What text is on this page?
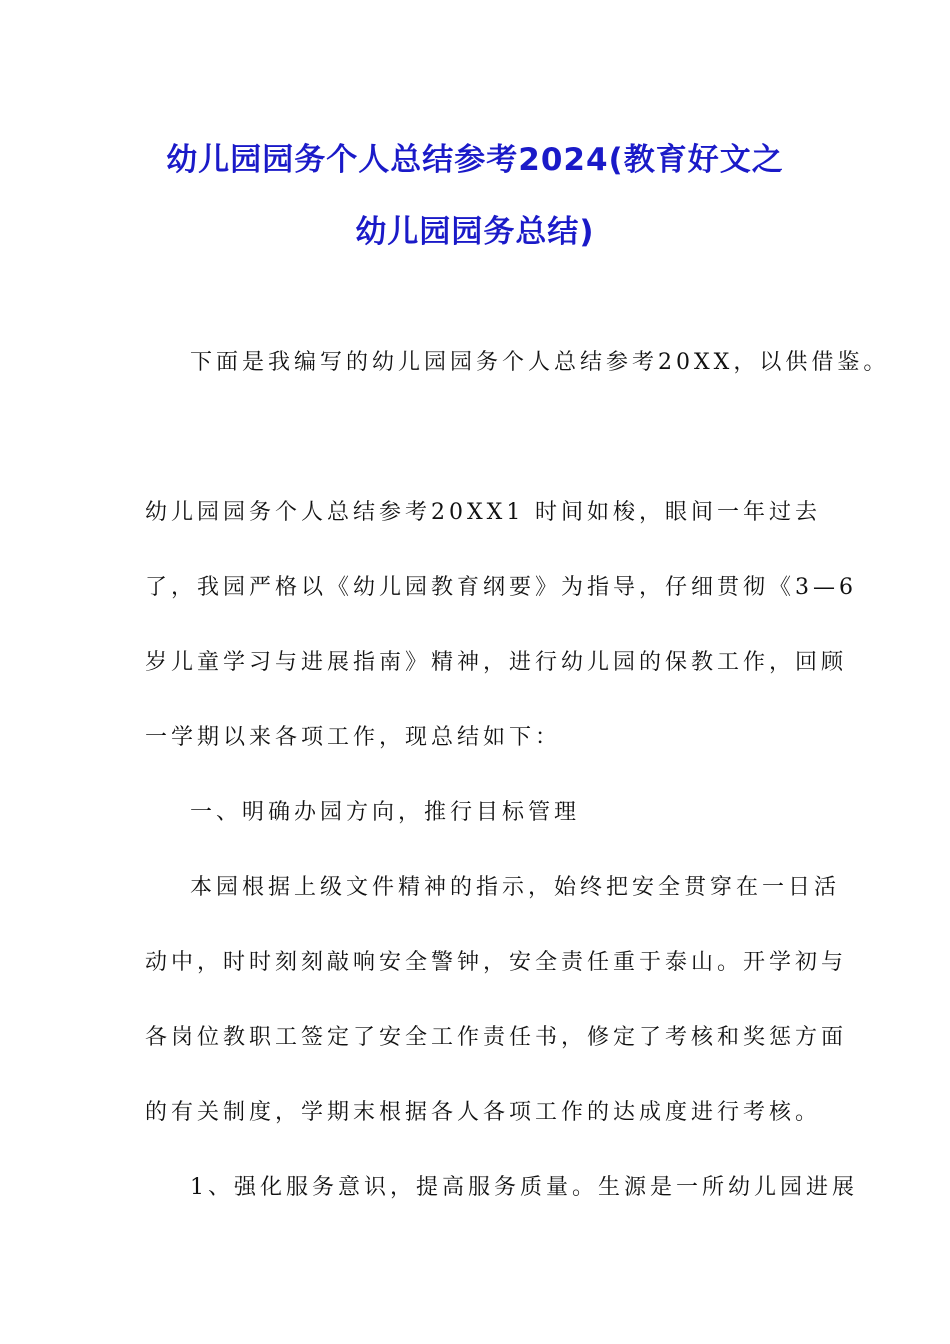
幼儿园园务个人总结参考2024(教育好文之
幼儿园园务总结)
下面是我编写的幼儿园园务个人总结参考20XX，以供借鉴。
幼儿园园务个人总结参考20XX1 时间如梭，眼间一年过去
了，我园严格以《幼儿园教育纲要》为指导，仔细贯彻《3—6
岁儿童学习与进展指南》精神，进行幼儿园的保教工作，回顾
一学期以来各项工作，现总结如下：
一、明确办园方向，推行目标管理
本园根据上级文件精神的指示，始终把安全贯穿在一日活
动中，时时刻刻敲响安全警钟，安全责任重于泰山。开学初与
各岗位教职工签定了安全工作责任书，修定了考核和奖惩方面
的有关制度，学期末根据各人各项工作的达成度进行考核。
1、强化服务意识，提高服务质量。生源是一所幼儿园进展
